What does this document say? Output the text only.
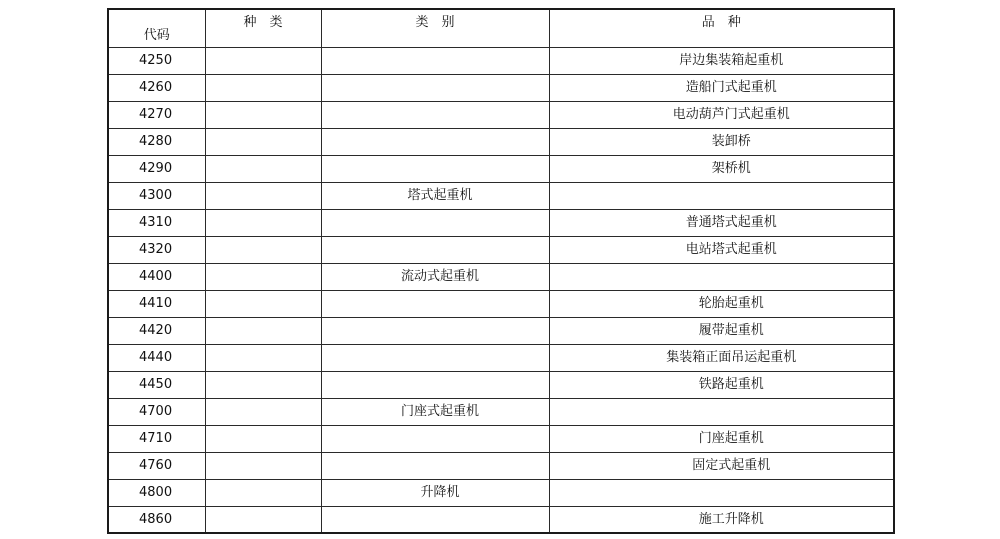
代码	种　类	类　别	品　种
4250			岸边集装箱起重机
4260			造船门式起重机
4270			电动葫芦门式起重机
4280			装卸桥
4290			架桥机
4300		塔式起重机	
4310			普通塔式起重机
4320			电站塔式起重机
4400		流动式起重机	
4410			轮胎起重机
4420			履带起重机
4440			集装箱正面吊运起重机
4450			铁路起重机
4700		门座式起重机	
4710			门座起重机
4760			固定式起重机
4800		升降机	
4860			施工升降机
